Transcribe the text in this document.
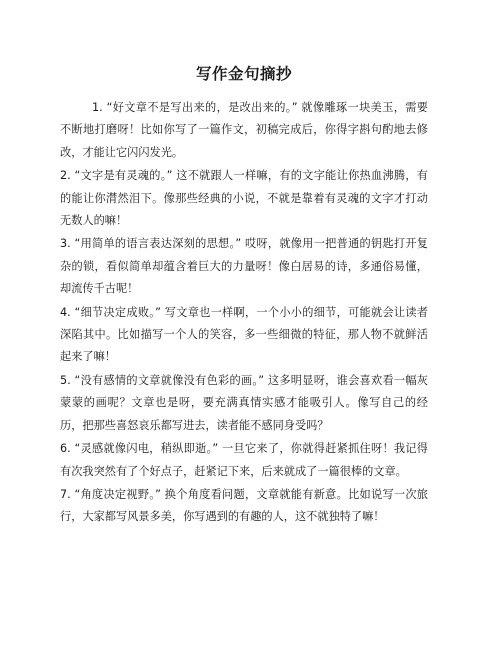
写作金句摘抄

1. “好文章不是写出来的，是改出来的。” 就像雕琢一块美玉，需要不断地打磨呀！比如你写了一篇作文，初稿完成后，你得字斟句酌地去修改，才能让它闪闪发光。

2. “文字是有灵魂的。” 这不就跟人一样嘛，有的文字能让你热血沸腾，有的能让你潸然泪下。像那些经典的小说，不就是靠着有灵魂的文字才打动无数人的嘛！

3. “用简单的语言表达深刻的思想。” 哎呀，就像用一把普通的钥匙打开复杂的锁，看似简单却蕴含着巨大的力量呀！像白居易的诗，多通俗易懂，却流传千古呢！

4. “细节决定成败。” 写文章也一样啊，一个小小的细节，可能就会让读者深陷其中。比如描写一个人的笑容，多一些细微的特征，那人物不就鲜活起来了嘛！

5. “没有感情的文章就像没有色彩的画。” 这多明显呀，谁会喜欢看一幅灰蒙蒙的画呢？文章也是呀，要充满真情实感才能吸引人。像写自己的经历，把那些喜怒哀乐都写进去，读者能不感同身受吗？

6. “灵感就像闪电，稍纵即逝。” 一旦它来了，你就得赶紧抓住呀！我记得有次我突然有了个好点子，赶紧记下来，后来就成了一篇很棒的文章。

7. “角度决定视野。” 换个角度看问题，文章就能有新意。比如说写一次旅行，大家都写风景多美，你写遇到的有趣的人，这不就独特了嘛！
